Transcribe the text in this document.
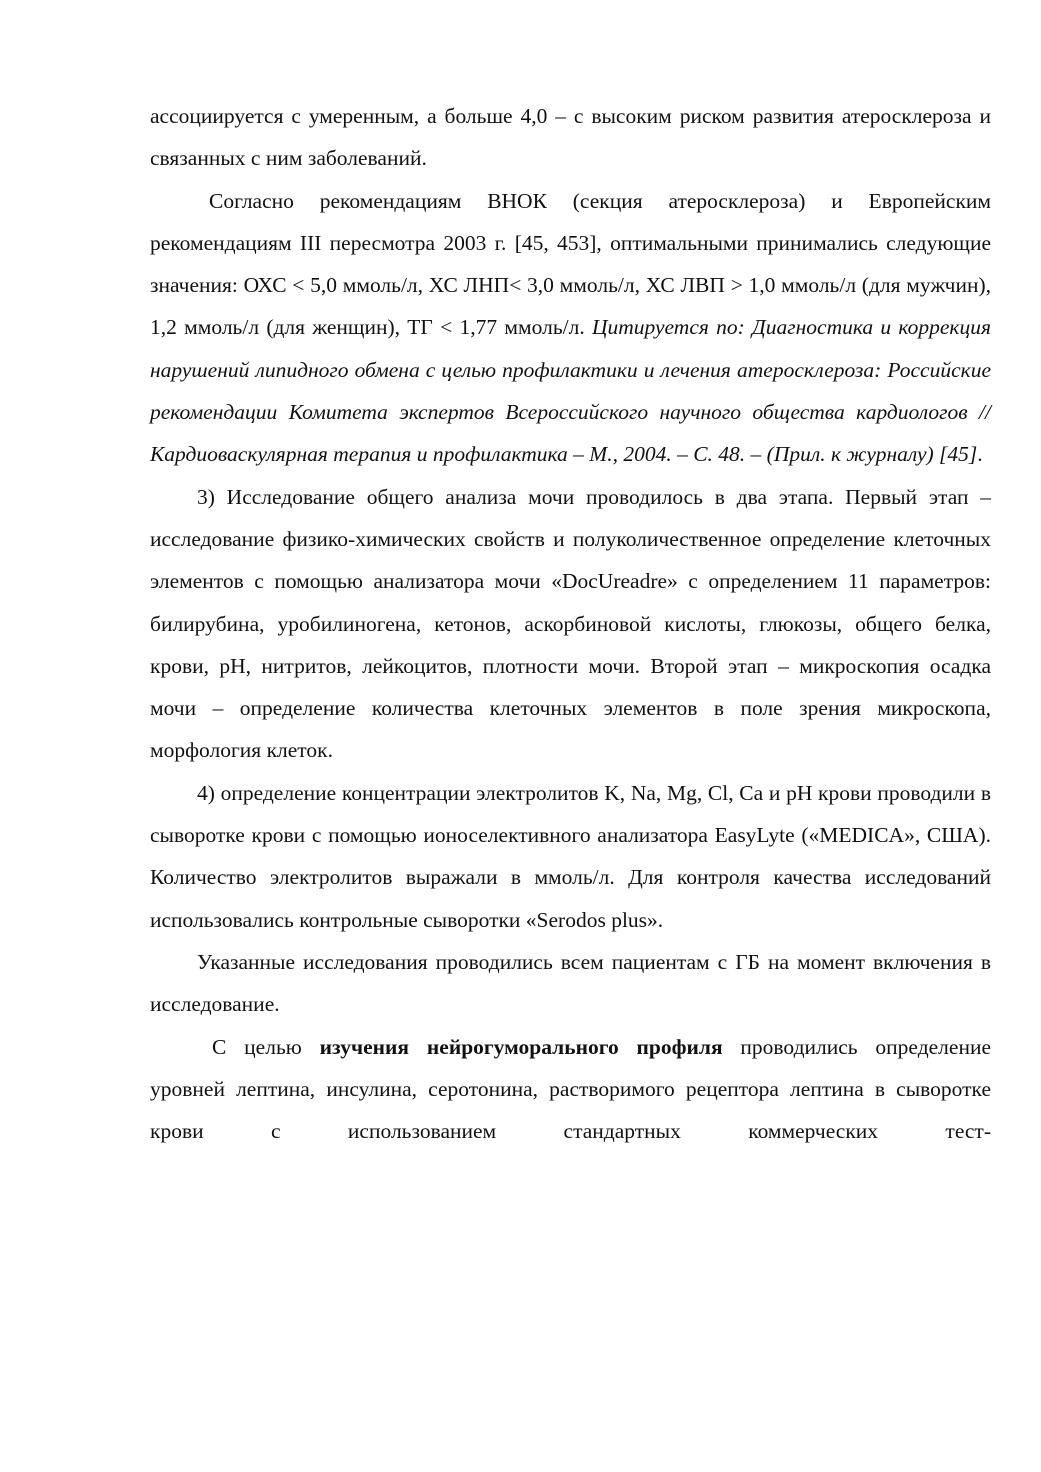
ассоциируется с умеренным, а больше 4,0 – с высоким риском развития атеросклероза и связанных с ним заболеваний.

Согласно рекомендациям ВНОК (секция атеросклероза) и Европейским рекомендациям III пересмотра 2003 г. [45, 453], оптимальными принимались следующие значения: ОХС < 5,0 ммоль/л, ХС ЛНП< 3,0 ммоль/л, ХС ЛВП > 1,0 ммоль/л (для мужчин), 1,2 ммоль/л (для женщин), ТГ < 1,77 ммоль/л. Цитируется по: Диагностика и коррекция нарушений липидного обмена с целью профилактики и лечения атеросклероза: Российские рекомендации Комитета экспертов Всероссийского научного общества кардиологов // Кардиоваскулярная терапия и профилактика – М., 2004. – С. 48. – (Прил. к журналу) [45].

3) Исследование общего анализа мочи проводилось в два этапа. Первый этап – исследование физико-химических свойств и полуколичественное определение клеточных элементов с помощью анализатора мочи «DocUreadre» с определением 11 параметров: билирубина, уробилиногена, кетонов, аскорбиновой кислоты, глюкозы, общего белка, крови, pH, нитритов, лейкоцитов, плотности мочи. Второй этап – микроскопия осадка мочи – определение количества клеточных элементов в поле зрения микроскопа, морфология клеток.

4) определение концентрации электролитов K, Na, Mg, Cl, Ca и pH крови проводили в сыворотке крови с помощью ионоселективного анализатора EasyLyte («MEDICA», США). Количество электролитов выражали в ммоль/л. Для контроля качества исследований использовались контрольные сыворотки «Serodos plus».

Указанные исследования проводились всем пациентам с ГБ на момент включения в исследование.

С целью изучения нейрогуморального профиля проводились определение уровней лептина, инсулина, серотонина, растворимого рецептора лептина в сыворотке крови с использованием стандартных коммерческих тест-
